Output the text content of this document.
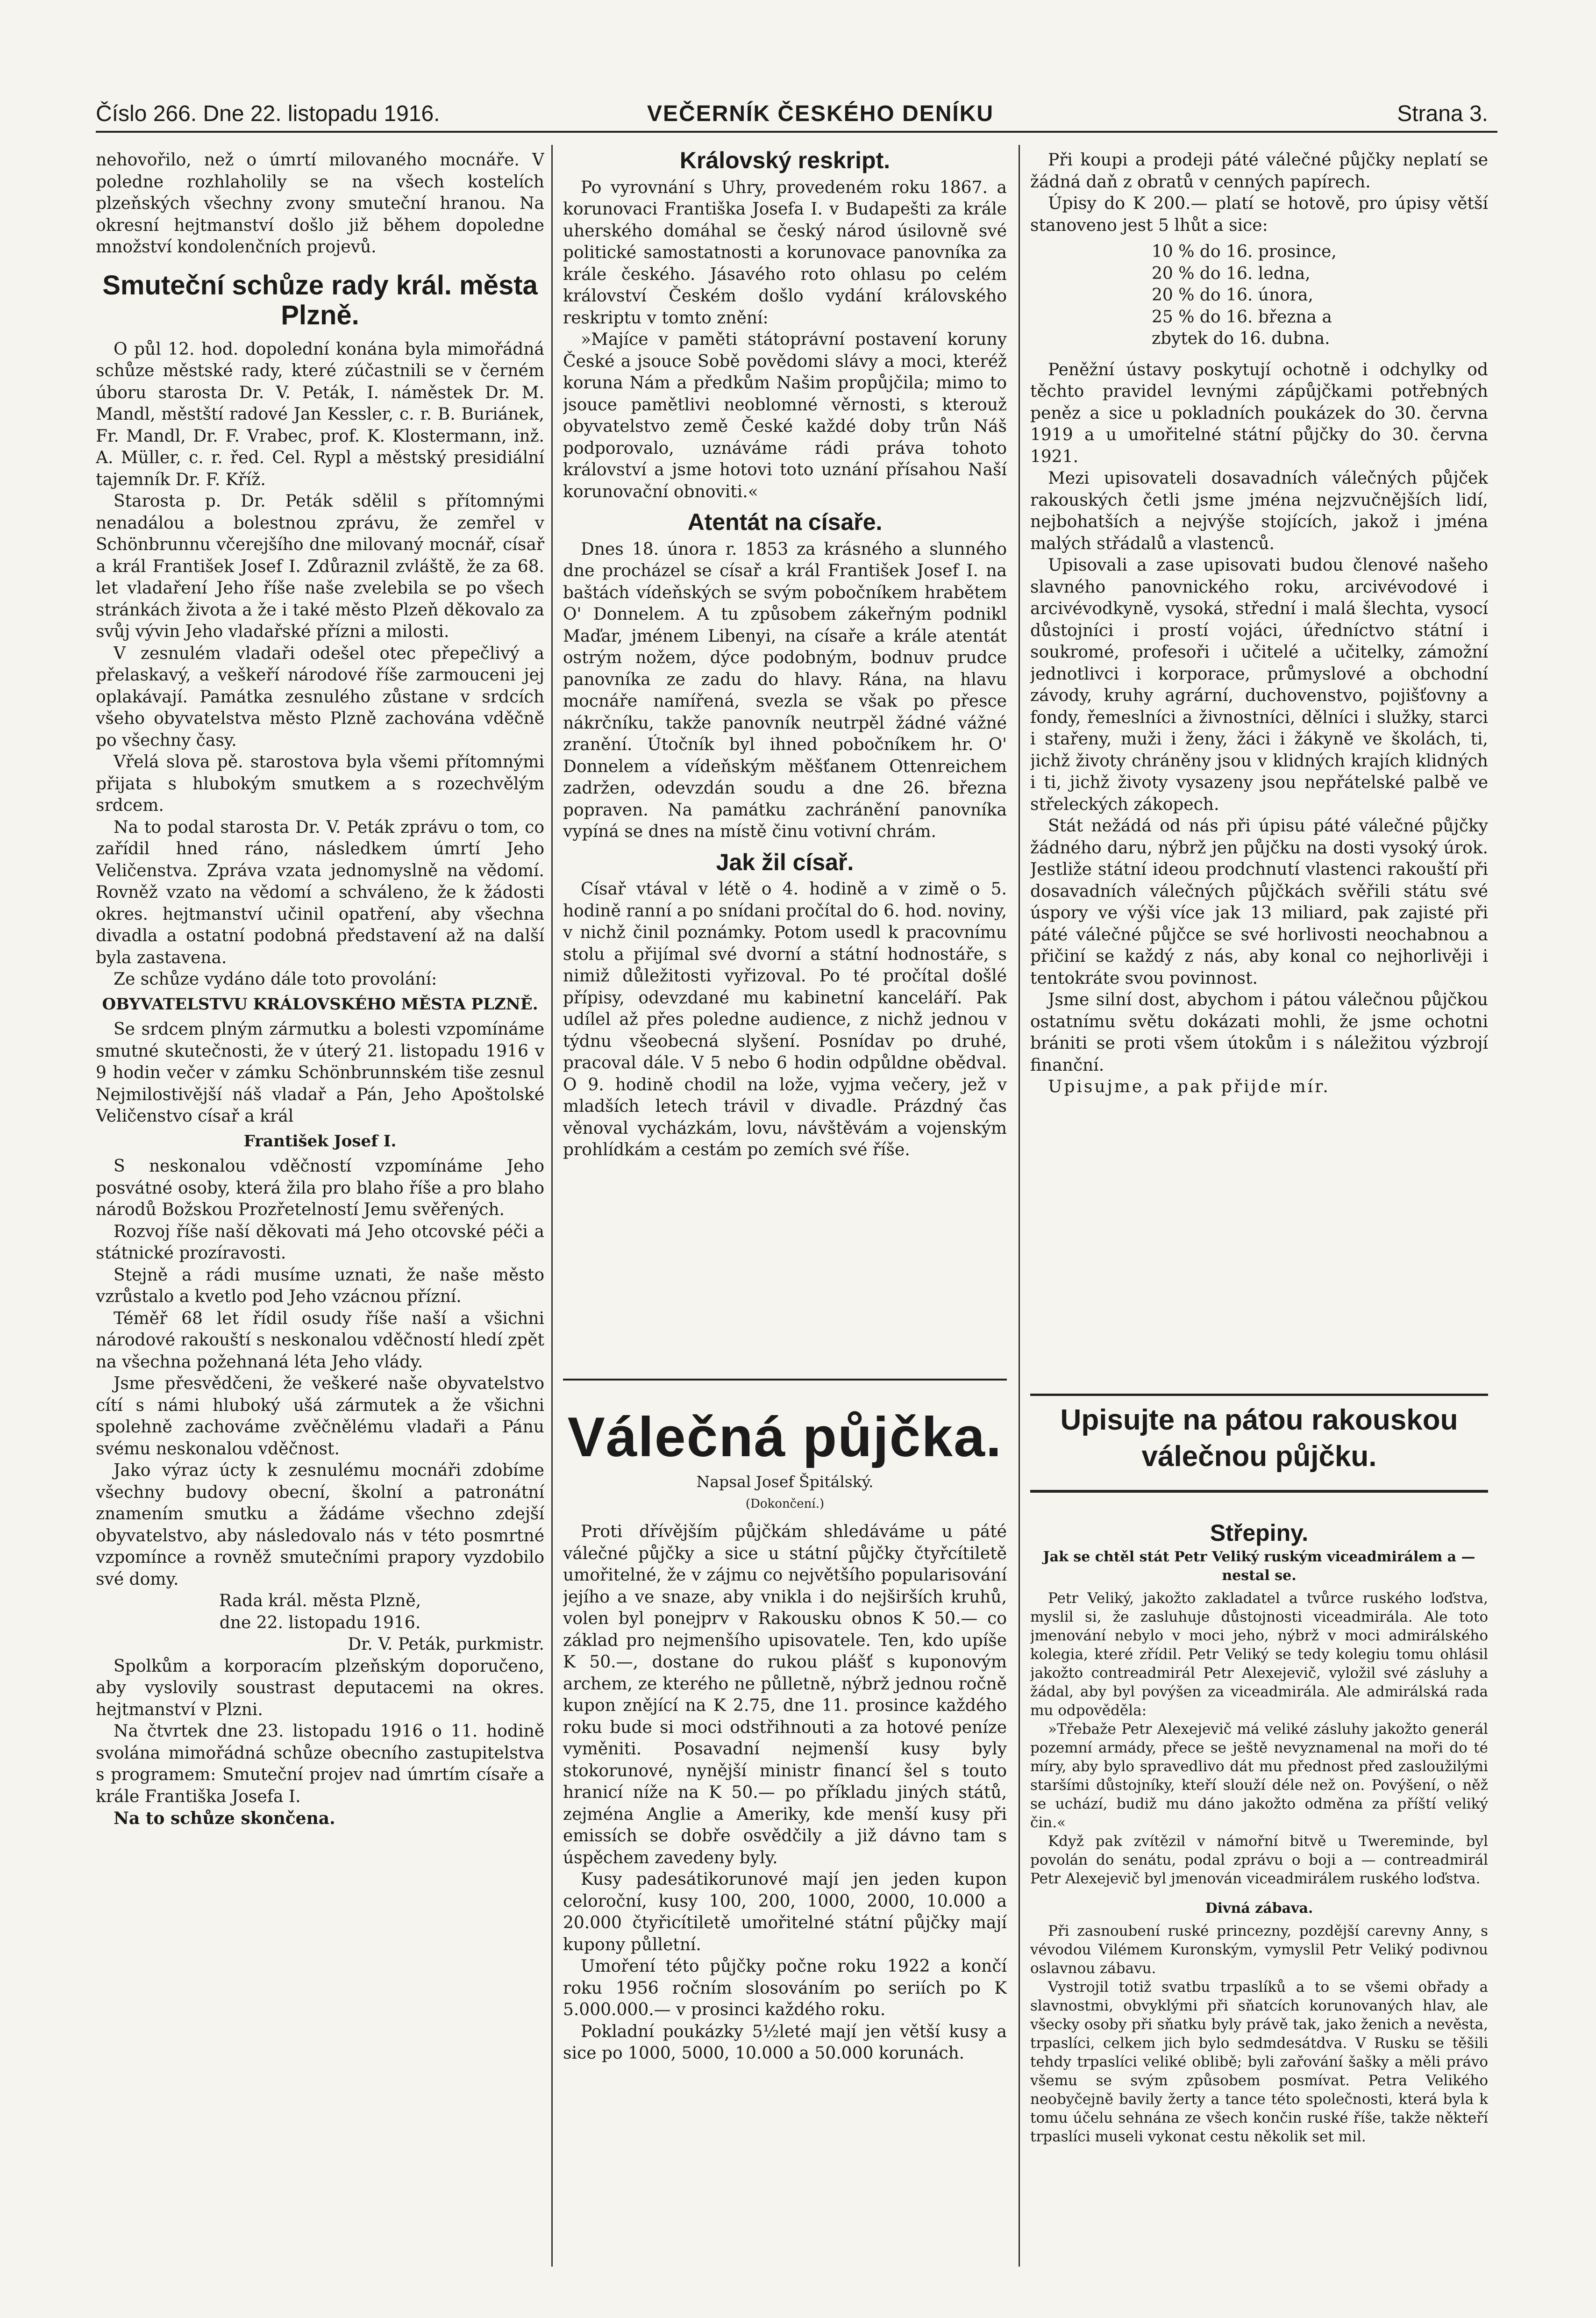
Číslo 266. Dne 22. listopadu 1916.	VEČERNÍK ČESKÉHO DENÍKU	Strana 3.

nehovořilo, než o úmrtí milovaného mocnáře. V poledne rozhlaholily se na všech kostelích plzeňských všechny zvony smuteční hranou. Na okresní hejtmanství došlo již během dopoledne množství kondolenčních projevů.

Smuteční schůze rady král. města Plzně.

O půl 12. hod. dopolední konána byla mimořádná schůze městské rady, které zúčastnili se v černém úboru starosta Dr. V. Peták, I. náměstek Dr. M. Mandl, městští radové Jan Kessler, c. r. B. Buriánek, Fr. Mandl, Dr. F. Vrabec, prof. K. Klostermann, inž. A. Müller, c. r. řed. Cel. Rypl a městský presidiální tajemník Dr. F. Kříž.

Starosta p. Dr. Peták sdělil s přítomnými nenadálou a bolestnou zprávu, že zemřel v Schönbrunnu včerejšího dne milovaný mocnář, císař a král František Josef I. Zdůraznil zvláště, že za 68. let vladaření Jeho říše naše zvelebila se po všech stránkách života a že i také město Plzeň děkovalo za svůj vývin Jeho vladařské přízni a milosti.

V zesnulém vladaři odešel otec přepečlivý a přelaskavý, a veškeří národové říše zarmouceni jej oplakávají. Památka zesnulého zůstane v srdcích všeho obyvatelstva město Plzně zachována vděčně po všechny časy.

Vřelá slova pě. starostova byla všemi přítomnými přijata s hlubokým smutkem a s rozechvělým srdcem.

Na to podal starosta Dr. V. Peták zprávu o tom, co zařídil hned ráno, následkem úmrtí Jeho Veličenstva. Zpráva vzata jednomyslně na vědomí. Rovněž vzato na vědomí a schváleno, že k žádosti okres. hejtmanství učinil opatření, aby všechna divadla a ostatní podobná představení až na další byla zastavena.

Ze schůze vydáno dále toto provolání:

OBYVATELSTVU KRÁLOVSKÉHO MĚSTA PLZNĚ.

Se srdcem plným zármutku a bolesti vzpomínáme smutné skutečnosti, že v úterý 21. listopadu 1916 v 9 hodin večer v zámku Schönbrunnském tiše zesnul Nejmilostivější náš vladař a Pán, Jeho Apoštolské Veličenstvo císař a král

František Josef I.

S neskonalou vděčností vzpomínáme Jeho posvátné osoby, která žila pro blaho říše a pro blaho národů Božskou Prozřetelností Jemu svěřených.

Rozvoj říše naší děkovati má Jeho otcovské péči a státnické prozíravosti.

Stejně a rádi musíme uznati, že naše město vzrůstalo a kvetlo pod Jeho vzácnou přízní.

Téměř 68 let řídil osudy říše naší a všichni národové rakouští s neskonalou vděčností hledí zpět na všechna požehnaná léta Jeho vlády.

Jsme přesvědčeni, že veškeré naše obyvatelstvo cítí s námi hluboký ušá zármutek a že všichni spolehně zachováme zvěčnělému vladaři a Pánu svému neskonalou vděčnost.

Jako výraz úcty k zesnulému mocnáři zdobíme všechny budovy obecní, školní a patronátní znamením smutku a žádáme všechno zdejší obyvatelstvo, aby následovalo nás v této posmrtné vzpomínce a rovněž smutečními prapory vyzdobilo své domy.

Rada král. města Plzně,

dne 22. listopadu 1916.

Dr. V. Peták, purkmistr.

Spolkům a korporacím plzeňským doporučeno, aby vyslovily soustrast deputacemi na okres. hejtmanství v Plzni.

Na čtvrtek dne 23. listopadu 1916 o 11. hodině svolána mimořádná schůze obecního zastupitelstva s programem: Smuteční projev nad úmrtím císaře a krále Františka Josefa I.

Na to schůze skončena.

Královský reskript.

Po vyrovnání s Uhry, provedeném roku 1867. a korunovaci Františka Josefa I. v Budapešti za krále uherského domáhal se český národ úsilovně své politické samostatnosti a korunovace panovníka za krále českého. Jásavého roto ohlasu po celém království Českém došlo vydání královského reskriptu v tomto znění:

»Majíce v paměti státoprávní postavení koruny České a jsouce Sobě povědomi slávy a moci, kteréž koruna Nám a předkům Našim propůjčila; mimo to jsouce pamětlivi neoblomné věrnosti, s kterouž obyvatelstvo země České každé doby trůn Náš podporovalo, uznáváme rádi práva tohoto království a jsme hotovi toto uznání přísahou Naší korunovační obnoviti.«

Atentát na císaře.

Dnes 18. února r. 1853 za krásného a slunného dne procházel se císař a král František Josef I. na baštách vídeňských se svým pobočníkem hrabětem O' Donnelem. A tu způsobem zákeřným podnikl Maďar, jménem Libenyi, na císaře a krále atentát ostrým nožem, dýce podobným, bodnuv prudce panovníka ze zadu do hlavy. Rána, na hlavu mocnáře namířená, svezla se však po přesce nákrčníku, takže panovník neutrpěl žádné vážné zranění. Útočník byl ihned pobočníkem hr. O' Donnelem a vídeňským měšťanem Ottenreichem zadržen, odevzdán soudu a dne 26. března popraven. Na památku zachránění panovníka vypíná se dnes na místě činu votivní chrám.

Jak žil císař.

Císař vtával v létě o 4. hodině a v zimě o 5. hodině ranní a po snídani pročítal do 6. hod. noviny, v nichž činil poznámky. Potom usedl k pracovnímu stolu a přijímal své dvorní a státní hodnostáře, s nimiž důležitosti vyřizoval. Po té pročítal došlé přípisy, odevzdané mu kabinetní kanceláří. Pak udílel až přes poledne audience, z nichž jednou v týdnu všeobecná slyšení. Posnídav po druhé, pracoval dále. V 5 nebo 6 hodin odpůldne obědval. O 9. hodině chodil na lože, vyjma večery, jež v mladších letech trávil v divadle. Prázdný čas věnoval vycházkám, lovu, návštěvám a vojenským prohlídkám a cestám po zemích své říše.

Válečná půjčka.

Napsal Josef Špitálský.

(Dokončení.)

Proti dřívějším půjčkám shledáváme u páté válečné půjčky a sice u státní půjčky čtyřcítiletě umořitelné, že v zájmu co největšího popularisování jejího a ve snaze, aby vnikla i do nejširších kruhů, volen byl ponejprv v Rakousku obnos K 50.— co základ pro nejmenšího upisovatele. Ten, kdo upíše K 50.—, dostane do rukou plášť s kuponovým archem, ze kterého ne půlletně, nýbrž jednou ročně kupon znějící na K 2.75, dne 11. prosince každého roku bude si moci odstřihnouti a za hotové peníze vyměniti. Posavadní nejmenší kusy byly stokorunové, nynější ministr financí šel s touto hranicí níže na K 50.— po příkladu jiných států, zejména Anglie a Ameriky, kde menší kusy při emissích se dobře osvědčily a již dávno tam s úspěchem zavedeny byly.

Kusy padesátikorunové mají jen jeden kupon celoroční, kusy 100, 200, 1000, 2000, 10.000 a 20.000 čtyřicítiletě umořitelné státní půjčky mají kupony půlletní.

Umoření této půjčky počne roku 1922 a končí roku 1956 ročním slosováním po seriích po K 5.000.000.— v prosinci každého roku.

Pokladní poukázky 5½leté mají jen větší kusy a sice po 1000, 5000, 10.000 a 50.000 korunách.

Při koupi a prodeji páté válečné půjčky neplatí se žádná daň z obratů v cenných papírech.

Úpisy do K 200.— platí se hotově, pro úpisy větší stanoveno jest 5 lhůt a sice:

10 % do 16. prosince,
20 % do 16. ledna,
20 % do 16. února,
25 % do 16. března a
zbytek do 16. dubna.

Peněžní ústavy poskytují ochotně i odchylky od těchto pravidel levnými zápůjčkami potřebných peněz a sice u pokladních poukázek do 30. června 1919 a u umořitelné státní půjčky do 30. června 1921.

Mezi upisovateli dosavadních válečných půjček rakouských četli jsme jména nejzvučnějších lidí, nejbohatších a nejvýše stojících, jakož i jména malých střádalů a vlastenců.

Upisovali a zase upisovati budou členové našeho slavného panovnického roku, arcivévodové i arcivévodkyně, vysoká, střední i malá šlechta, vysocí důstojníci i prostí vojáci, úředníctvo státní i soukromé, profesoři i učitelé a učitelky, zámožní jednotlivci i korporace, průmyslové a obchodní závody, kruhy agrární, duchovenstvo, pojišťovny a fondy, řemeslníci a živnostníci, dělníci i služky, starci i stařeny, muži i ženy, žáci i žákyně ve školách, ti, jichž životy chráněny jsou v klidných krajích klidných i ti, jichž životy vysazeny jsou nepřátelské palbě ve střeleckých zákopech.

Stát nežádá od nás při úpisu páté válečné půjčky žádného daru, nýbrž jen půjčku na dosti vysoký úrok. Jestliže státní ideou prodchnutí vlastenci rakouští při dosavadních válečných půjčkách svěřili státu své úspory ve výši více jak 13 miliard, pak zajisté při páté válečné půjčce se své horlivosti neochabnou a přičiní se každý z nás, aby konal co nejhorlivěji i tentokráte svou povinnost.

Jsme silní dost, abychom i pátou válečnou půjčkou ostatnímu světu dokázati mohli, že jsme ochotni brániti se proti všem útokům i s náležitou výzbrojí finanční.

Upisujme, a pak přijde mír.

Upisujte na pátou rakouskou
válečnou půjčku.
Střepiny.
Jak se chtěl stát Petr Veliký ruským viceadmirálem a — nestal se.

Petr Veliký, jakožto zakladatel a tvůrce ruského loďstva, myslil si, že zasluhuje důstojnosti viceadmirála. Ale toto jmenování nebylo v moci jeho, nýbrž v moci admirálského kolegia, které zřídil. Petr Veliký se tedy kolegiu tomu ohlásil jakožto contreadmirál Petr Alexejevič, vyložil své zásluhy a žádal, aby byl povýšen za viceadmirála. Ale admirálská rada mu odpověděla:

»Třebaže Petr Alexejevič má veliké zásluhy jakožto generál pozemní armády, přece se ještě nevyznamenal na moři do té míry, aby bylo spravedlivo dát mu přednost před zasloužilými staršími důstojníky, kteří slouží déle než on. Povýšení, o něž se uchází, budiž mu dáno jakožto odměna za příští veliký čin.«

Když pak zvítězil v námořní bitvě u Twereminde, byl povolán do senátu, podal zprávu o boji a — contreadmirál Petr Alexejevič byl jmenován viceadmirálem ruského loďstva.

Divná zábava.

Při zasnoubení ruské princezny, pozdější carevny Anny, s vévodou Vilémem Kuronským, vymyslil Petr Veliký podivnou oslavnou zábavu.

Vystrojil totiž svatbu trpaslíků a to se všemi obřady a slavnostmi, obvyklými při sňatcích korunovaných hlav, ale všecky osoby při sňatku byly právě tak, jako ženich a nevěsta, trpaslíci, celkem jich bylo sedmdesátdva. V Rusku se těšili tehdy trpaslíci veliké oblibě; byli zařování šašky a měli právo všemu se svým způsobem posmívat. Petra Velikého neobyčejně bavily žerty a tance této společnosti, která byla k tomu účelu sehnána ze všech končin ruské říše, takže někteří trpaslíci museli vykonat cestu několik set mil.
